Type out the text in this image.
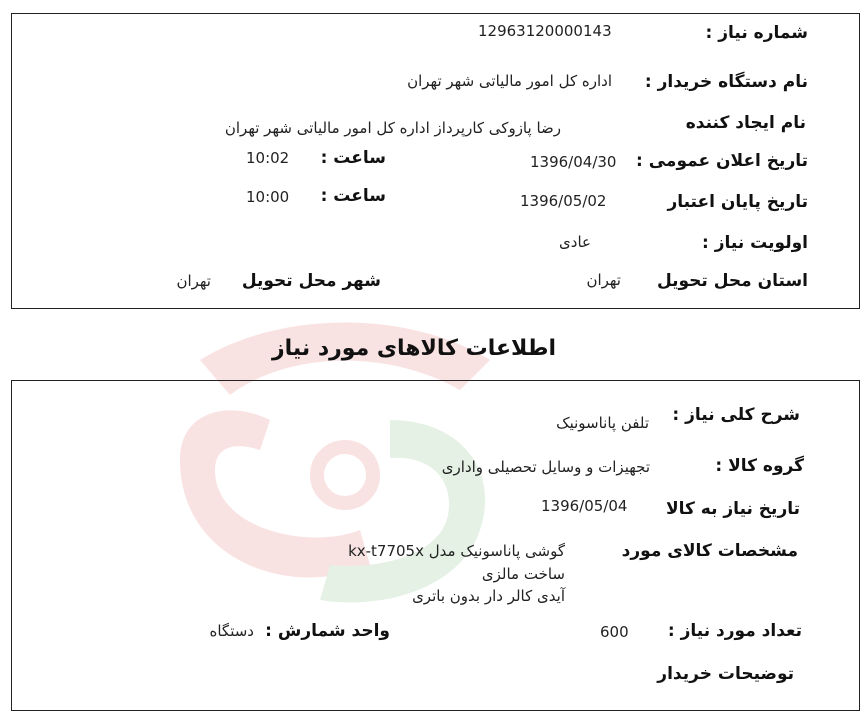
شماره نیاز :
12963120000143
نام دستگاه خریدار :
اداره کل امور مالیاتی شهر تهران
نام ایجاد کننده
رضا پازوکی کارپرداز اداره کل امور مالیاتی شهر تهران
تاریخ اعلان عمومی :
1396/04/30
ساعت :
10:02
تاریخ پایان اعتبار
1396/05/02
ساعت :
10:00
اولویت نیاز :
عادی
استان محل تحویل
تهران
شهر محل تحویل
تهران
اطلاعات کالاهای مورد نیاز
شرح کلی نیاز :
تلفن پاناسونیک
گروه کالا :
تجهیزات و وسایل تحصیلی واداری
تاریخ نیاز به کالا
1396/05/04
مشخصات کالای مورد
گوشی پاناسونیک مدل kx-t7705x
ساخت مالزی
آیدی کالر دار بدون باتری
تعداد مورد نیاز :
600
واحد شمارش :
دستگاه
توضیحات خریدار
